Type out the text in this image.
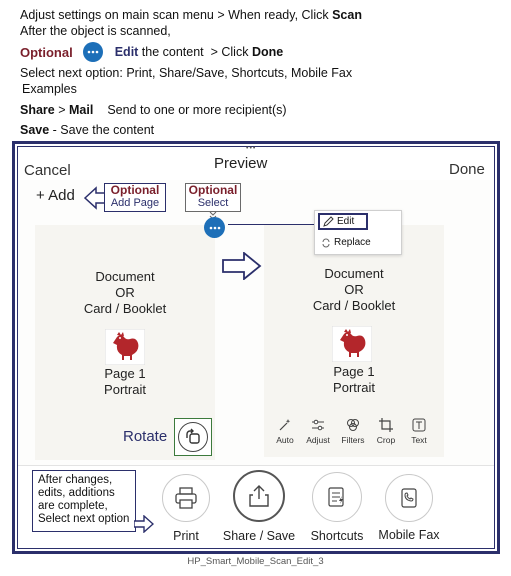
Adjust settings on main scan menu > When ready, Click Scan
After the object is scanned,
Optional	Edit the content  > Click Done
Select next option: Print, Share/Save, Shortcuts, Mobile Fax
Examples
Share > Mail Send to one or more recipient(s)
Save - Save the content
•••
Cancel	Preview	Done
+ Add	Optional
Add Page
Optional
Select
Document
OR
Card / Booklet
Page 1
Portrait
Document
OR
Card / Booklet
Page 1
Portrait
Auto	Adjust	Filters	Crop	Text
Edit
Replace
Rotate
After changes,
edits, additions
are complete,
Select next option
Print	Share / Save	Shortcuts	Mobile Fax
HP_Smart_Mobile_Scan_Edit_3
